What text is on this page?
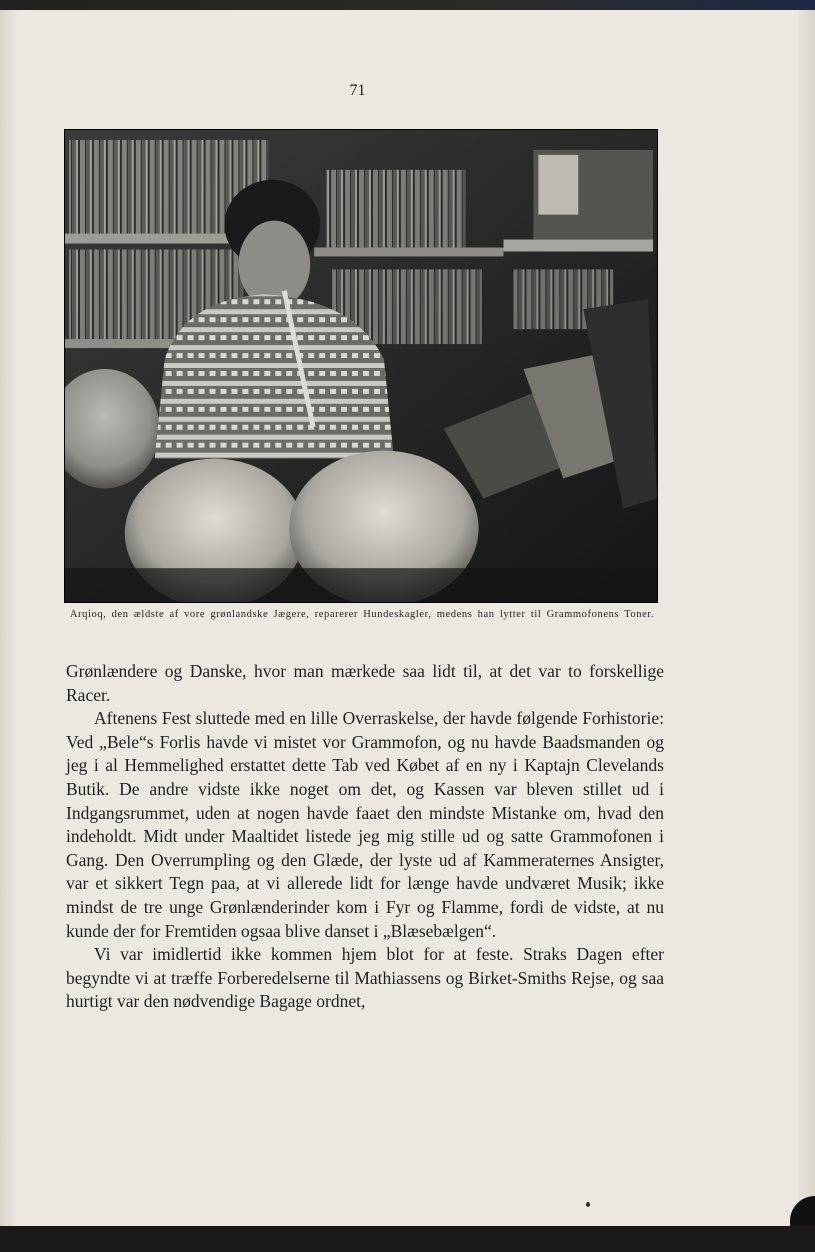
71
Arqioq, den ældste af vore grønlandske Jægere, reparerer Hundeskagler, medens han lytter til Grammofonens Toner.

Grønlændere og Danske, hvor man mærkede saa lidt til, at det var to forskellige Racer.

Aftenens Fest sluttede med en lille Overraskelse, der havde følgende Forhistorie: Ved „Bele“s Forlis havde vi mistet vor Grammofon, og nu havde Baadsmanden og jeg i al Hemmelighed erstattet dette Tab ved Købet af en ny i Kaptajn Clevelands Butik. De andre vidste ikke noget om det, og Kassen var bleven stillet ud i Indgangsrummet, uden at nogen havde faaet den mindste Mistanke om, hvad den indeholdt. Midt under Maaltidet listede jeg mig stille ud og satte Grammofonen i Gang. Den Overrumpling og den Glæde, der lyste ud af Kammeraternes Ansigter, var et sikkert Tegn paa, at vi allerede lidt for længe havde undværet Musik; ikke mindst de tre unge Grønlænderinder kom i Fyr og Flamme, fordi de vidste, at nu kunde der for Fremtiden ogsaa blive danset i „Blæsebælgen“.

Vi var imidlertid ikke kommen hjem blot for at feste. Straks Dagen efter begyndte vi at træffe Forberedelserne til Mathiassens og Birket-Smiths Rejse, og saa hurtigt var den nødvendige Bagage ordnet,
